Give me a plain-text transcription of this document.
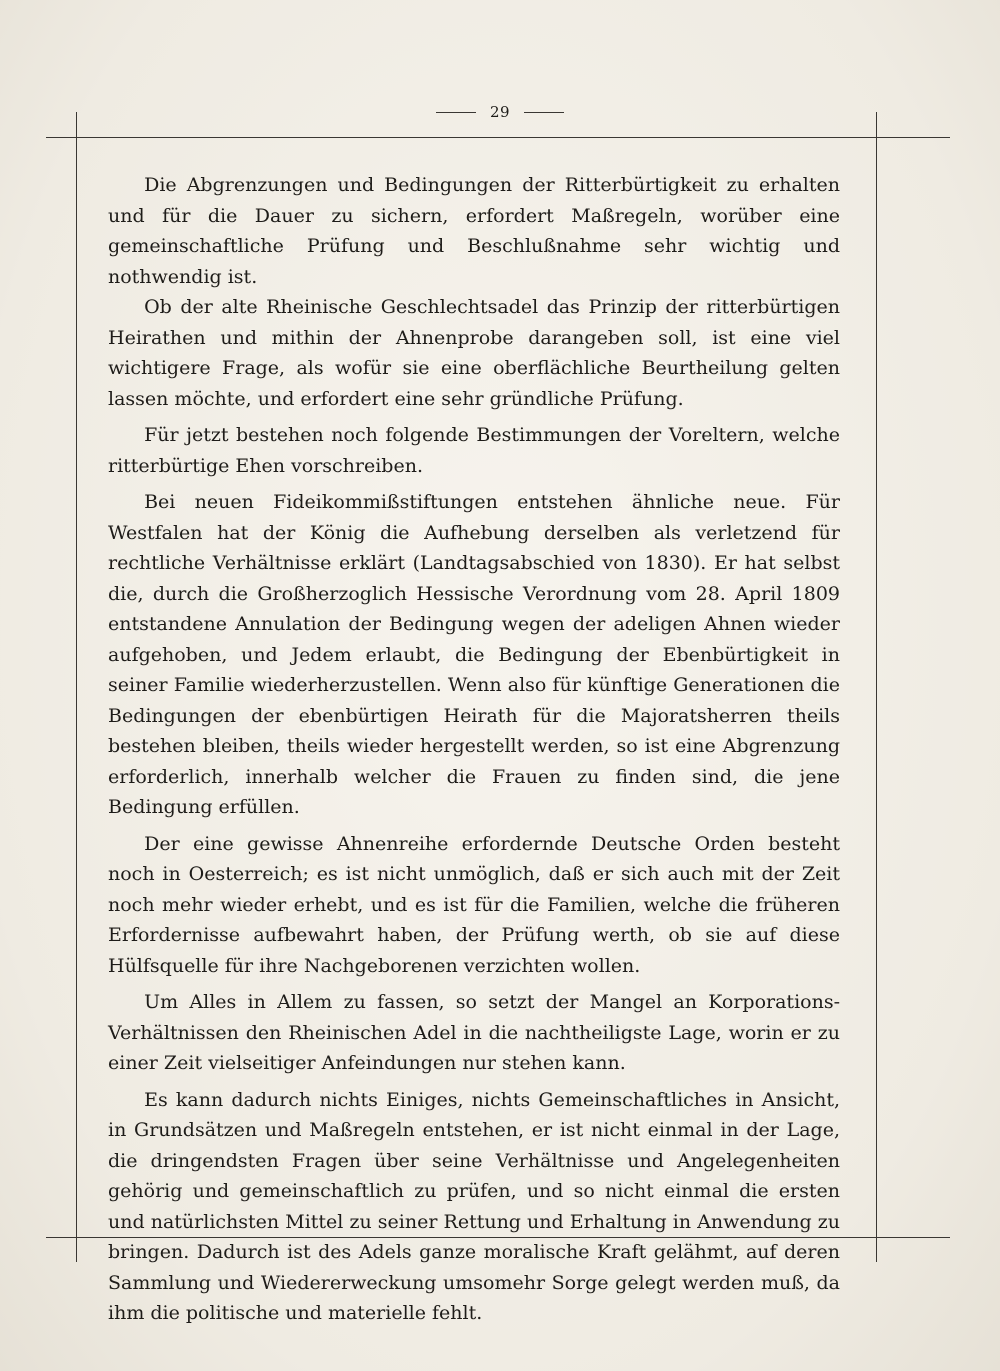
29

Die Abgrenzungen und Bedingungen der Ritterbürtigkeit zu erhalten und für die Dauer zu sichern, erfordert Maßregeln, worüber eine gemeinschaftliche Prüfung und Beschlußnahme sehr wichtig und nothwendig ist.

Ob der alte Rheinische Geschlechtsadel das Prinzip der ritterbürtigen Heirathen und mithin der Ahnenprobe darangeben soll, ist eine viel wichtigere Frage, als wofür sie eine oberflächliche Beurtheilung gelten lassen möchte, und erfordert eine sehr gründliche Prüfung.

Für jetzt bestehen noch folgende Bestimmungen der Voreltern, welche ritterbürtige Ehen vorschreiben.

Bei neuen Fideikommißstiftungen entstehen ähnliche neue. Für Westfalen hat der König die Aufhebung derselben als verletzend für rechtliche Verhältnisse erklärt (Landtagsabschied von 1830). Er hat selbst die, durch die Großherzoglich Hessische Verordnung vom 28. April 1809 entstandene Annulation der Bedingung wegen der adeligen Ahnen wieder aufgehoben, und Jedem erlaubt, die Bedingung der Ebenbürtigkeit in seiner Familie wiederherzustellen. Wenn also für künftige Generationen die Bedingungen der ebenbürtigen Heirath für die Majoratsherren theils bestehen bleiben, theils wieder hergestellt werden, so ist eine Abgrenzung erforderlich, innerhalb welcher die Frauen zu finden sind, die jene Bedingung erfüllen.

Der eine gewisse Ahnenreihe erfordernde Deutsche Orden besteht noch in Oesterreich; es ist nicht unmöglich, daß er sich auch mit der Zeit noch mehr wieder erhebt, und es ist für die Familien, welche die früheren Erfordernisse aufbewahrt haben, der Prüfung werth, ob sie auf diese Hülfsquelle für ihre Nachgeborenen verzichten wollen.

Um Alles in Allem zu fassen, so setzt der Mangel an Korporations-Verhältnissen den Rheinischen Adel in die nachtheiligste Lage, worin er zu einer Zeit vielseitiger Anfeindungen nur stehen kann.

Es kann dadurch nichts Einiges, nichts Gemeinschaftliches in Ansicht, in Grundsätzen und Maßregeln entstehen, er ist nicht einmal in der Lage, die dringendsten Fragen über seine Verhältnisse und Angelegenheiten gehörig und gemeinschaftlich zu prüfen, und so nicht einmal die ersten und natürlichsten Mittel zu seiner Rettung und Erhaltung in Anwendung zu bringen. Dadurch ist des Adels ganze moralische Kraft gelähmt, auf deren Sammlung und Wiedererweckung umsomehr Sorge gelegt werden muß, da ihm die politische und materielle fehlt.
